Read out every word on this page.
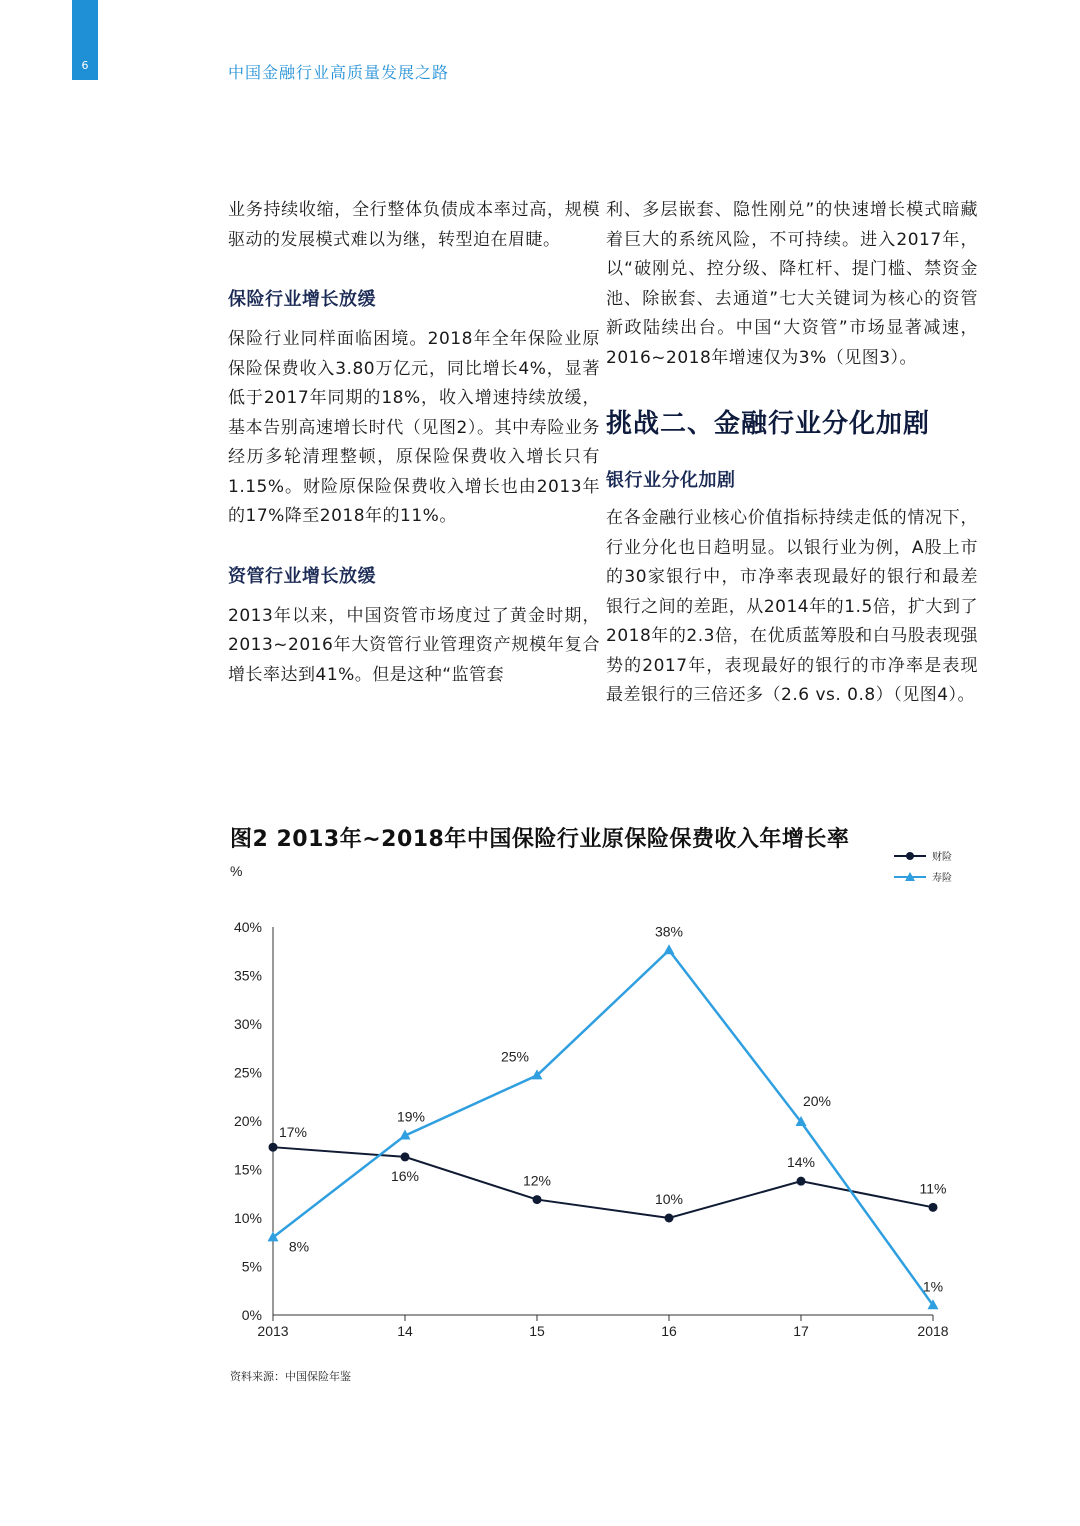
6	中国金融行业高质量发展之路

业务持续收缩，全行整体负债成本率过高，规模驱动的发展模式难以为继，转型迫在眉睫。

保险行业增长放缓

保险行业同样面临困境。2018年全年保险业原保险保费收入3.80万亿元，同比增长4%，显著低于2017年同期的18%，收入增速持续放缓，基本告别高速增长时代（见图2）。其中寿险业务经历多轮清理整顿，原保险保费收入增长只有1.15%。财险原保险保费收入增长也由2013年的17%降至2018年的11%。

资管行业增长放缓

2013年以来，中国资管市场度过了黄金时期，2013~2016年大资管行业管理资产规模年复合增长率达到41%。但是这种“监管套

利、多层嵌套、隐性刚兑”的快速增长模式暗藏着巨大的系统风险，不可持续。进入2017年，以“破刚兑、控分级、降杠杆、提门槛、禁资金池、除嵌套、去通道”七大关键词为核心的资管新政陆续出台。中国“大资管”市场显著减速，2016~2018年增速仅为3%（见图3）。

挑战二、金融行业分化加剧
银行业分化加剧

在各金融行业核心价值指标持续走低的情况下，行业分化也日趋明显。以银行业为例，A股上市的30家银行中，市净率表现最好的银行和最差银行之间的差距，从2014年的1.5倍，扩大到了2018年的2.3倍，在优质蓝筹股和白马股表现强势的2017年，表现最好的银行的市净率是表现最差银行的三倍还多（2.6 vs. 0.8）（见图4）。

图2 2013年~2018年中国保险行业原保险保费收入年增长率
%
0%
5%
10%
15%
20%
25%
30%
35%
40%
2013	14	15	16	17	2018
17%
16%	12%
10%
14%
11%
8%
19%
25%
38%
20%
1%
财险
寿险
资料来源：中国保险年鉴
